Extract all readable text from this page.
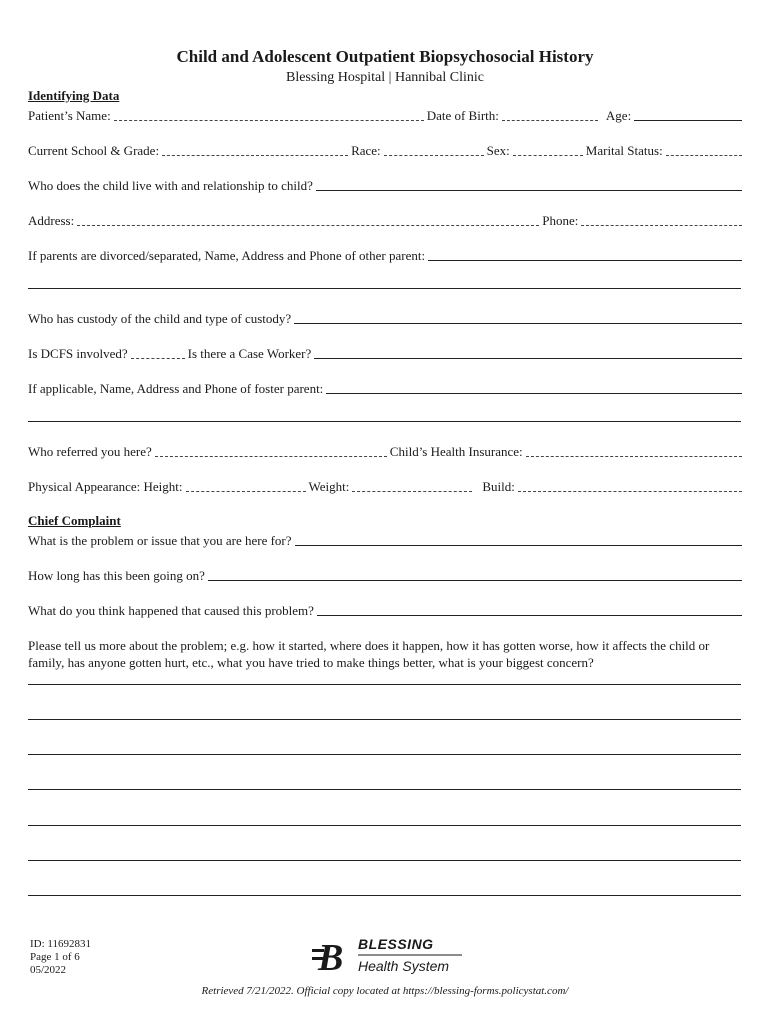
Child and Adolescent Outpatient Biopsychosocial History
Blessing Hospital | Hannibal Clinic
Identifying Data
Patient’s Name:	Date of Birth:	Age:
Current School & Grade:	Race:	Sex:	Marital Status:
Who does the child live with and relationship to child?
Address:	Phone:
If parents are divorced/separated, Name, Address and Phone of other parent:
Who has custody of the child and type of custody?
Is DCFS involved?	Is there a Case Worker?
If applicable, Name, Address and Phone of foster parent:
Who referred you here?	Child’s Health Insurance:
Physical Appearance: Height:	Weight:	Build:
Chief Complaint
What is the problem or issue that you are here for?
How long has this been going on?
What do you think happened that caused this problem?
Please tell us more about the problem; e.g. how it started, where does it happen, how it has gotten worse, how it affects the child or family, has anyone gotten hurt, etc., what you have tried to make things better, what is your biggest concern?
ID: 11692831
Page 1 of 6
05/2022	B BLESSING
Health System
Retrieved 7/21/2022. Official copy located at https://blessing-forms.policystat.com/
